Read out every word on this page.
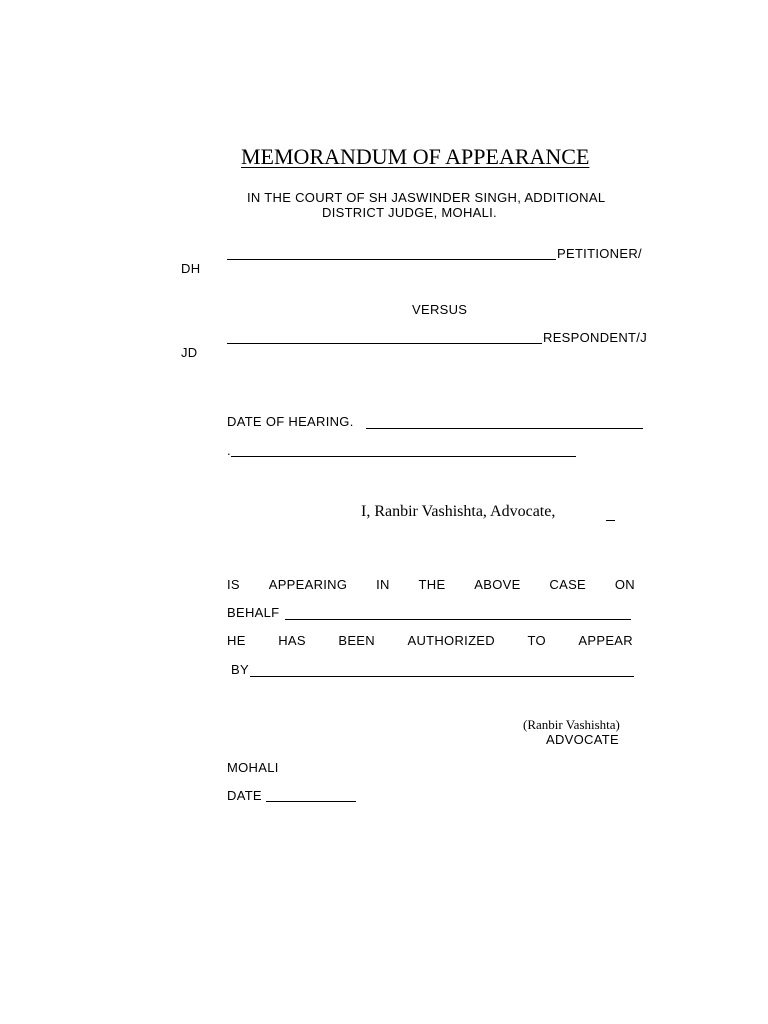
MEMORANDUM OF APPEARANCE
IN THE COURT OF SH JASWINDER SINGH, ADDITIONAL
DISTRICT JUDGE, MOHALI.
PETITIONER/
DH
VERSUS
RESPONDENT/J
JD
DATE OF HEARING.
.
I, Ranbir Vashishta, Advocate,
IS APPEARING IN THE ABOVE CASE ON
BEHALF
HE	HAS	BEEN	AUTHORIZED	TO	APPEAR
BY
(Ranbir Vashishta)
ADVOCATE
MOHALI
DATE
